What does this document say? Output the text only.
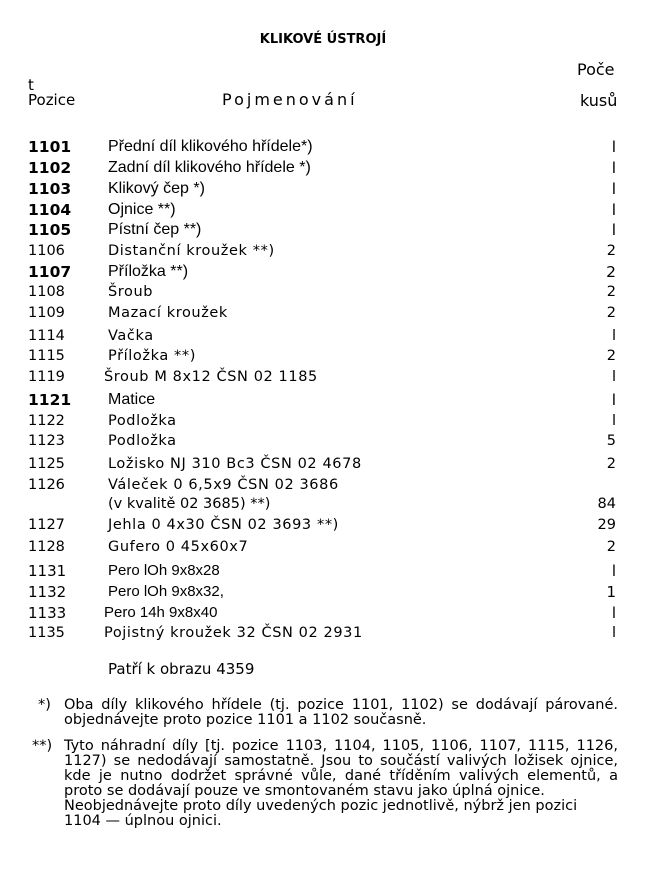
KLIKOVÉ ÚSTROJÍ
t
Pozice	Pojmenování
Poče
kusů
1101 Přední díl klikového hřídele*)	l
1102 Zadní díl klikového hřídele *)	l
1103 Klikový čep *)	l
1104 Ojnice **)	l
1105 Pístní čep **)	l
1106	Distanční kroužek **)	2
1107 Příložka **)	2
1108	Šroub	2
1109	Mazací kroužek	2
1114	Vačka	l
1115	Příložka **)	2
1119	Šroub M 8x12 ČSN 02 1185	l
1121 Matice	l
1122	Podložka	l
1123	Podložka	5
1125	Ložisko NJ 310 Bc3 ČSN 02 4678	2
1126	Váleček 0 6,5x9 ČSN 02 3686
(v kvalitě 02 3685) **)	84
1127	Jehla 0 4x30 ČSN 02 3693 **)	29
1128	Gufero 0 45x60x7	2
1131	Pero lOh 9x8x28	l
1132	Pero lOh 9x8x32,	1
1133	Pero 14h 9x8x40	l
1135	Pojistný kroužek 32 ČSN 02 2931	l
Patří k obrazu 4359
*) Oba díly klikového hřídele (tj. pozice 1101, 1102) se dodávají párované. objednávejte proto pozice 1101 a 1102 současně.
**) Tyto náhradní díly [tj. pozice 1103, 1104, 1105, 1106, 1107, 1115, 1126, 1127) se nedodávají samostatně. Jsou to součástí valivých ložisek ojnice, kde je nutno dodržet správné vůle, dané tříděním valivých elementů, a proto se dodávají pouze ve smontovaném stavu jako úplná ojnice.

Neobjednávejte proto díly uvedených pozic jednotlivě, nýbrž jen pozici 1104 — úplnou ojnici.
